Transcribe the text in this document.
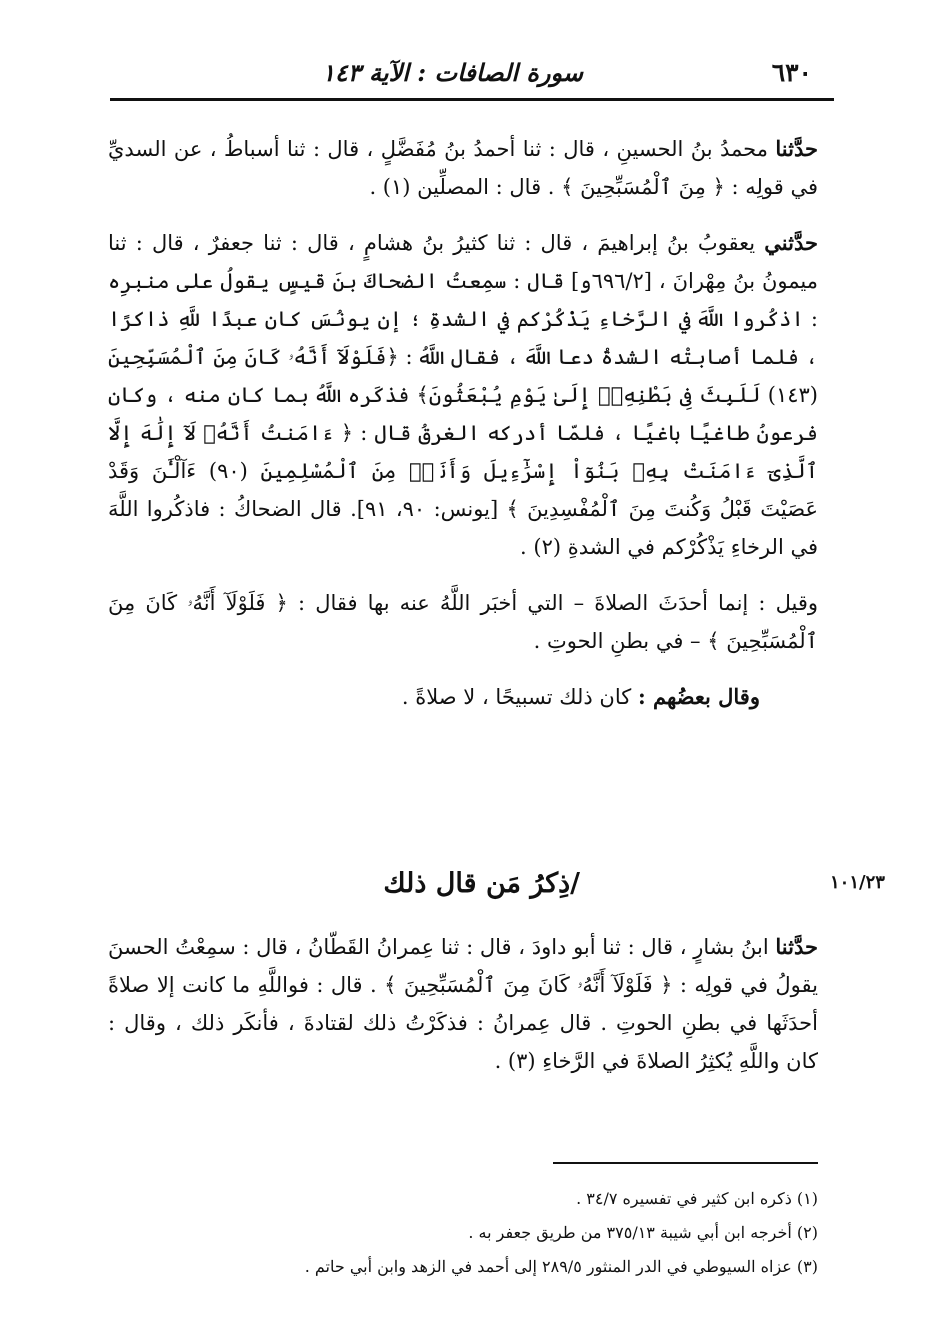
٦٣٠
سورة الصافات : الآية ١٤٣

حدَّثنا محمدُ بنُ الحسينِ ، قال : ثنا أحمدُ بنُ مُفَضَّلٍ ، قال : ثنا أسباطُ ، عن السديِّ في قولِه : ﴿ مِنَ ٱلْمُسَبِّحِينَ ﴾ . قال : المصلِّين (١) .

حدَّثني يعقوبُ بنُ إبراهيمَ ، قال : ثنا كثيرُ بنُ هشامٍ ، قال : ثنا جعفرٌ ، قال : ثنا ميمونُ بنُ مِهْرانَ ، [٦٩٦/٢و] قال : سمِعتُ الضحاكَ بنَ قيسٍ يقولُ على منبرِه : اذكُروا اللَّهَ في الرَّخاءِ يَذْكُرْكم في الشدةِ ؛ إن يونُسَ كان عبدًا للَّهِ ذاكرًا ، فلما أصابتْه الشدةُ دعا اللَّهَ ، فقال اللَّهُ : ﴿فَلَوْلَآ أَنَّهُۥ كَانَ مِنَ ٱلْمُسَبِّحِينَ (١٤٣) لَلَبِثَ فِى بَطْنِهِۦٓ إِلَىٰ يَوْمِ يُبْعَثُونَ﴾ فذكَره اللَّهُ بما كان منه ، وكان فرعونُ طاغيًا باغيًا ، فلمّا أدركه الغرقُ قال : ﴿ ءَامَنتُ أَنَّهُۥ لَآ إِلَٰهَ إِلَّا ٱلَّذِىٓ ءَامَنَتْ بِهِۦ بَنُوٓاْ إِسْرَٰٓءِيلَ وَأَنَا۠ مِنَ ٱلْمُسْلِمِينَ (٩٠) ءَآلْـَٰٔنَ وَقَدْ عَصَيْتَ قَبْلُ وَكُنتَ مِنَ ٱلْمُفْسِدِينَ ﴾ [يونس: ٩٠، ٩١]. قال الضحاكُ : فاذكُروا اللَّهَ في الرخاءِ يَذْكُرْكم في الشدةِ (٢) .

وقيل : إنما أحدَثَ الصلاةَ – التي أخبَر اللَّهُ عنه بها فقال : ﴿ فَلَوْلَآ أَنَّهُۥ كَانَ مِنَ ٱلْمُسَبِّحِينَ ﴾ – في بطنِ الحوتِ .

وقال بعضُهم : كان ذلك تسبيحًا ، لا صلاةً .

١٠١/٢٣
/ذِكرُ مَن قال ذلك

حدَّثنا ابنُ بشارٍ ، قال : ثنا أبو داودَ ، قال : ثنا عِمرانُ القَطّانُ ، قال : سمِعْتُ الحسنَ يقولُ في قولِه : ﴿ فَلَوْلَآ أَنَّهُۥ كَانَ مِنَ ٱلْمُسَبِّحِينَ ﴾ . قال : فواللَّهِ ما كانت إلا صلاةً أحدَثَها في بطنِ الحوتِ . قال عِمرانُ : فذكَرْتُ ذلك لقتادةَ ، فأنكَر ذلك ، وقال : كان واللَّهِ يُكثِرُ الصلاةَ في الرَّخاءِ (٣) .

(١) ذكره ابن كثير في تفسيره ٣٤/٧ .

(٢) أخرجه ابن أبي شيبة ٣٧٥/١٣ من طريق جعفر به .

(٣) عزاه السيوطي في الدر المنثور ٢٨٩/٥ إلى أحمد في الزهد وابن أبي حاتم .
